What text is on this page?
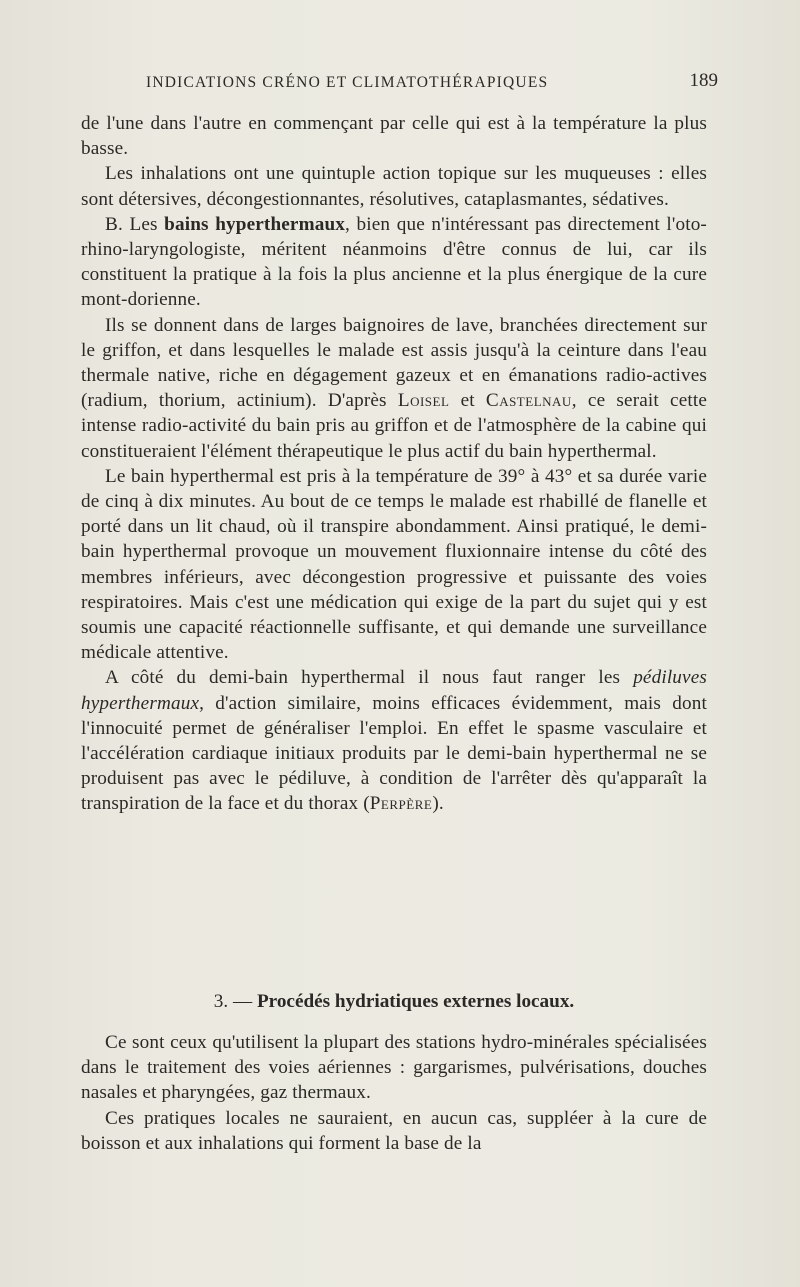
INDICATIONS CRÉNO ET CLIMATOTHÉRAPIQUES	189

de l'une dans l'autre en commençant par celle qui est à la température la plus basse.

Les inhalations ont une quintuple action topique sur les muqueuses : elles sont détersives, décongestionnantes, résolutives, cataplasmantes, sédatives.

B. Les bains hyperthermaux, bien que n'intéressant pas directement l'oto-rhino-laryngologiste, méritent néanmoins d'être connus de lui, car ils constituent la pratique à la fois la plus ancienne et la plus énergique de la cure mont-dorienne.

Ils se donnent dans de larges baignoires de lave, branchées directement sur le griffon, et dans lesquelles le malade est assis jusqu'à la ceinture dans l'eau thermale native, riche en dégagement gazeux et en émanations radio-actives (radium, thorium, actinium). D'après Loisel et Castelnau, ce serait cette intense radio-activité du bain pris au griffon et de l'atmosphère de la cabine qui constitueraient l'élément thérapeutique le plus actif du bain hyperthermal.

Le bain hyperthermal est pris à la température de 39° à 43° et sa durée varie de cinq à dix minutes. Au bout de ce temps le malade est rhabillé de flanelle et porté dans un lit chaud, où il transpire abondamment. Ainsi pratiqué, le demi-bain hyperthermal provoque un mouvement fluxionnaire intense du côté des membres inférieurs, avec décongestion progressive et puissante des voies respiratoires. Mais c'est une médication qui exige de la part du sujet qui y est soumis une capacité réactionnelle suffisante, et qui demande une surveillance médicale attentive.

A côté du demi-bain hyperthermal il nous faut ranger les pédiluves hyperthermaux, d'action similaire, moins efficaces évidemment, mais dont l'innocuité permet de généraliser l'emploi. En effet le spasme vasculaire et l'accélération cardiaque initiaux produits par le demi-bain hyperthermal ne se produisent pas avec le pédiluve, à condition de l'arrêter dès qu'apparaît la transpiration de la face et du thorax (Perpère).

3. — Procédés hydriatiques externes locaux.

Ce sont ceux qu'utilisent la plupart des stations hydro-minérales spécialisées dans le traitement des voies aériennes : gargarismes, pulvérisations, douches nasales et pharyngées, gaz thermaux.

Ces pratiques locales ne sauraient, en aucun cas, suppléer à la cure de boisson et aux inhalations qui forment la base de la
